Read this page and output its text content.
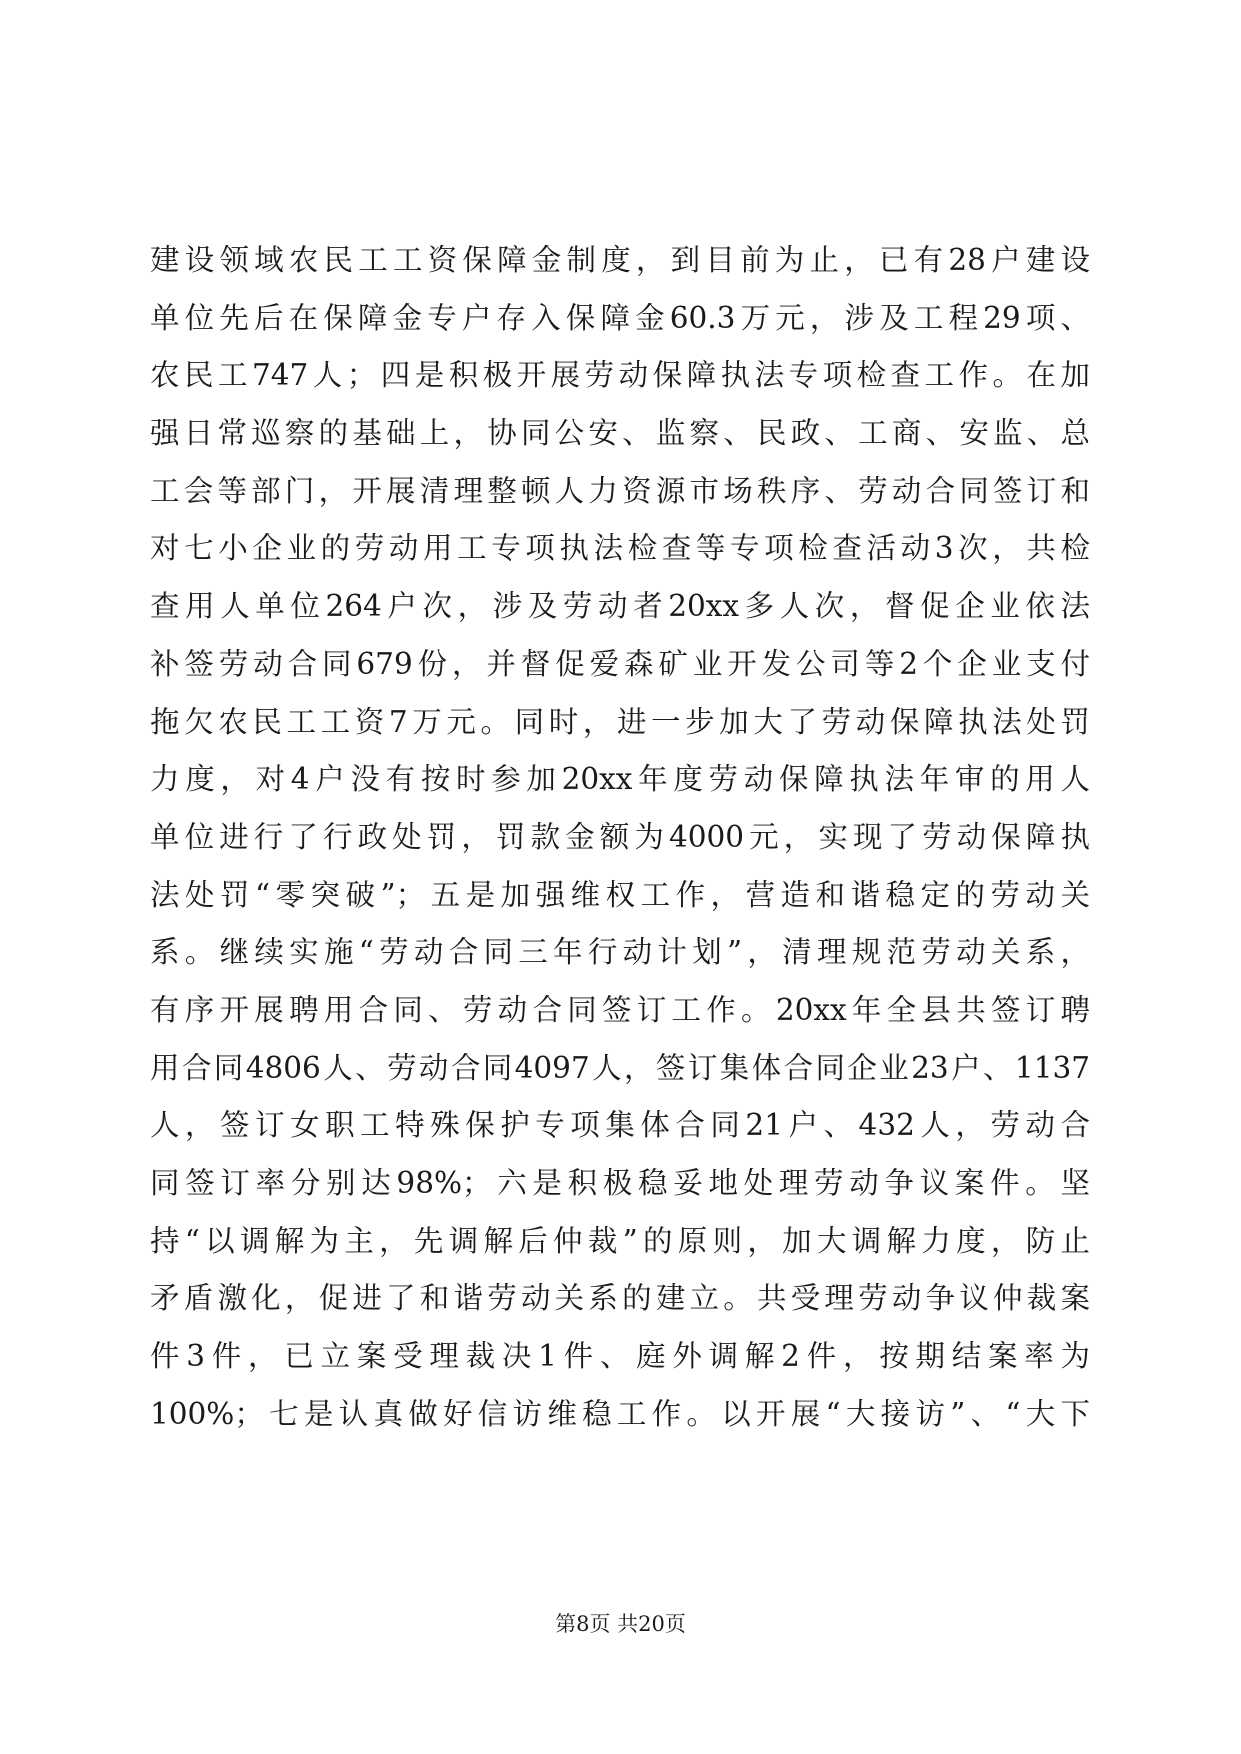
建设领域农民工工资保障金制度，到目前为止，已有28户建设
单位先后在保障金专户存入保障金60.3万元，涉及工程29项、
农民工747人；四是积极开展劳动保障执法专项检查工作。在加
强日常巡察的基础上，协同公安、监察、民政、工商、安监、总
工会等部门，开展清理整顿人力资源市场秩序、劳动合同签订和
对七小企业的劳动用工专项执法检查等专项检查活动3次，共检
查用人单位264户次，涉及劳动者20xx多人次，督促企业依法
补签劳动合同679份，并督促爱森矿业开发公司等2个企业支付
拖欠农民工工资7万元。同时，进一步加大了劳动保障执法处罚
力度，对4户没有按时参加20xx年度劳动保障执法年审的用人
单位进行了行政处罚，罚款金额为4000元，实现了劳动保障执
法处罚“零突破”；五是加强维权工作，营造和谐稳定的劳动关
系。继续实施“劳动合同三年行动计划”，清理规范劳动关系，
有序开展聘用合同、劳动合同签订工作。20xx年全县共签订聘
用合同4806人、劳动合同4097人，签订集体合同企业23户、1137
人，签订女职工特殊保护专项集体合同21户、432人，劳动合
同签订率分别达98%；六是积极稳妥地处理劳动争议案件。坚
持“以调解为主，先调解后仲裁”的原则，加大调解力度，防止
矛盾激化，促进了和谐劳动关系的建立。共受理劳动争议仲裁案
件3件，已立案受理裁决1件、庭外调解2件，按期结案率为
100%；七是认真做好信访维稳工作。以开展“大接访”、“大下
第8页 共20页
